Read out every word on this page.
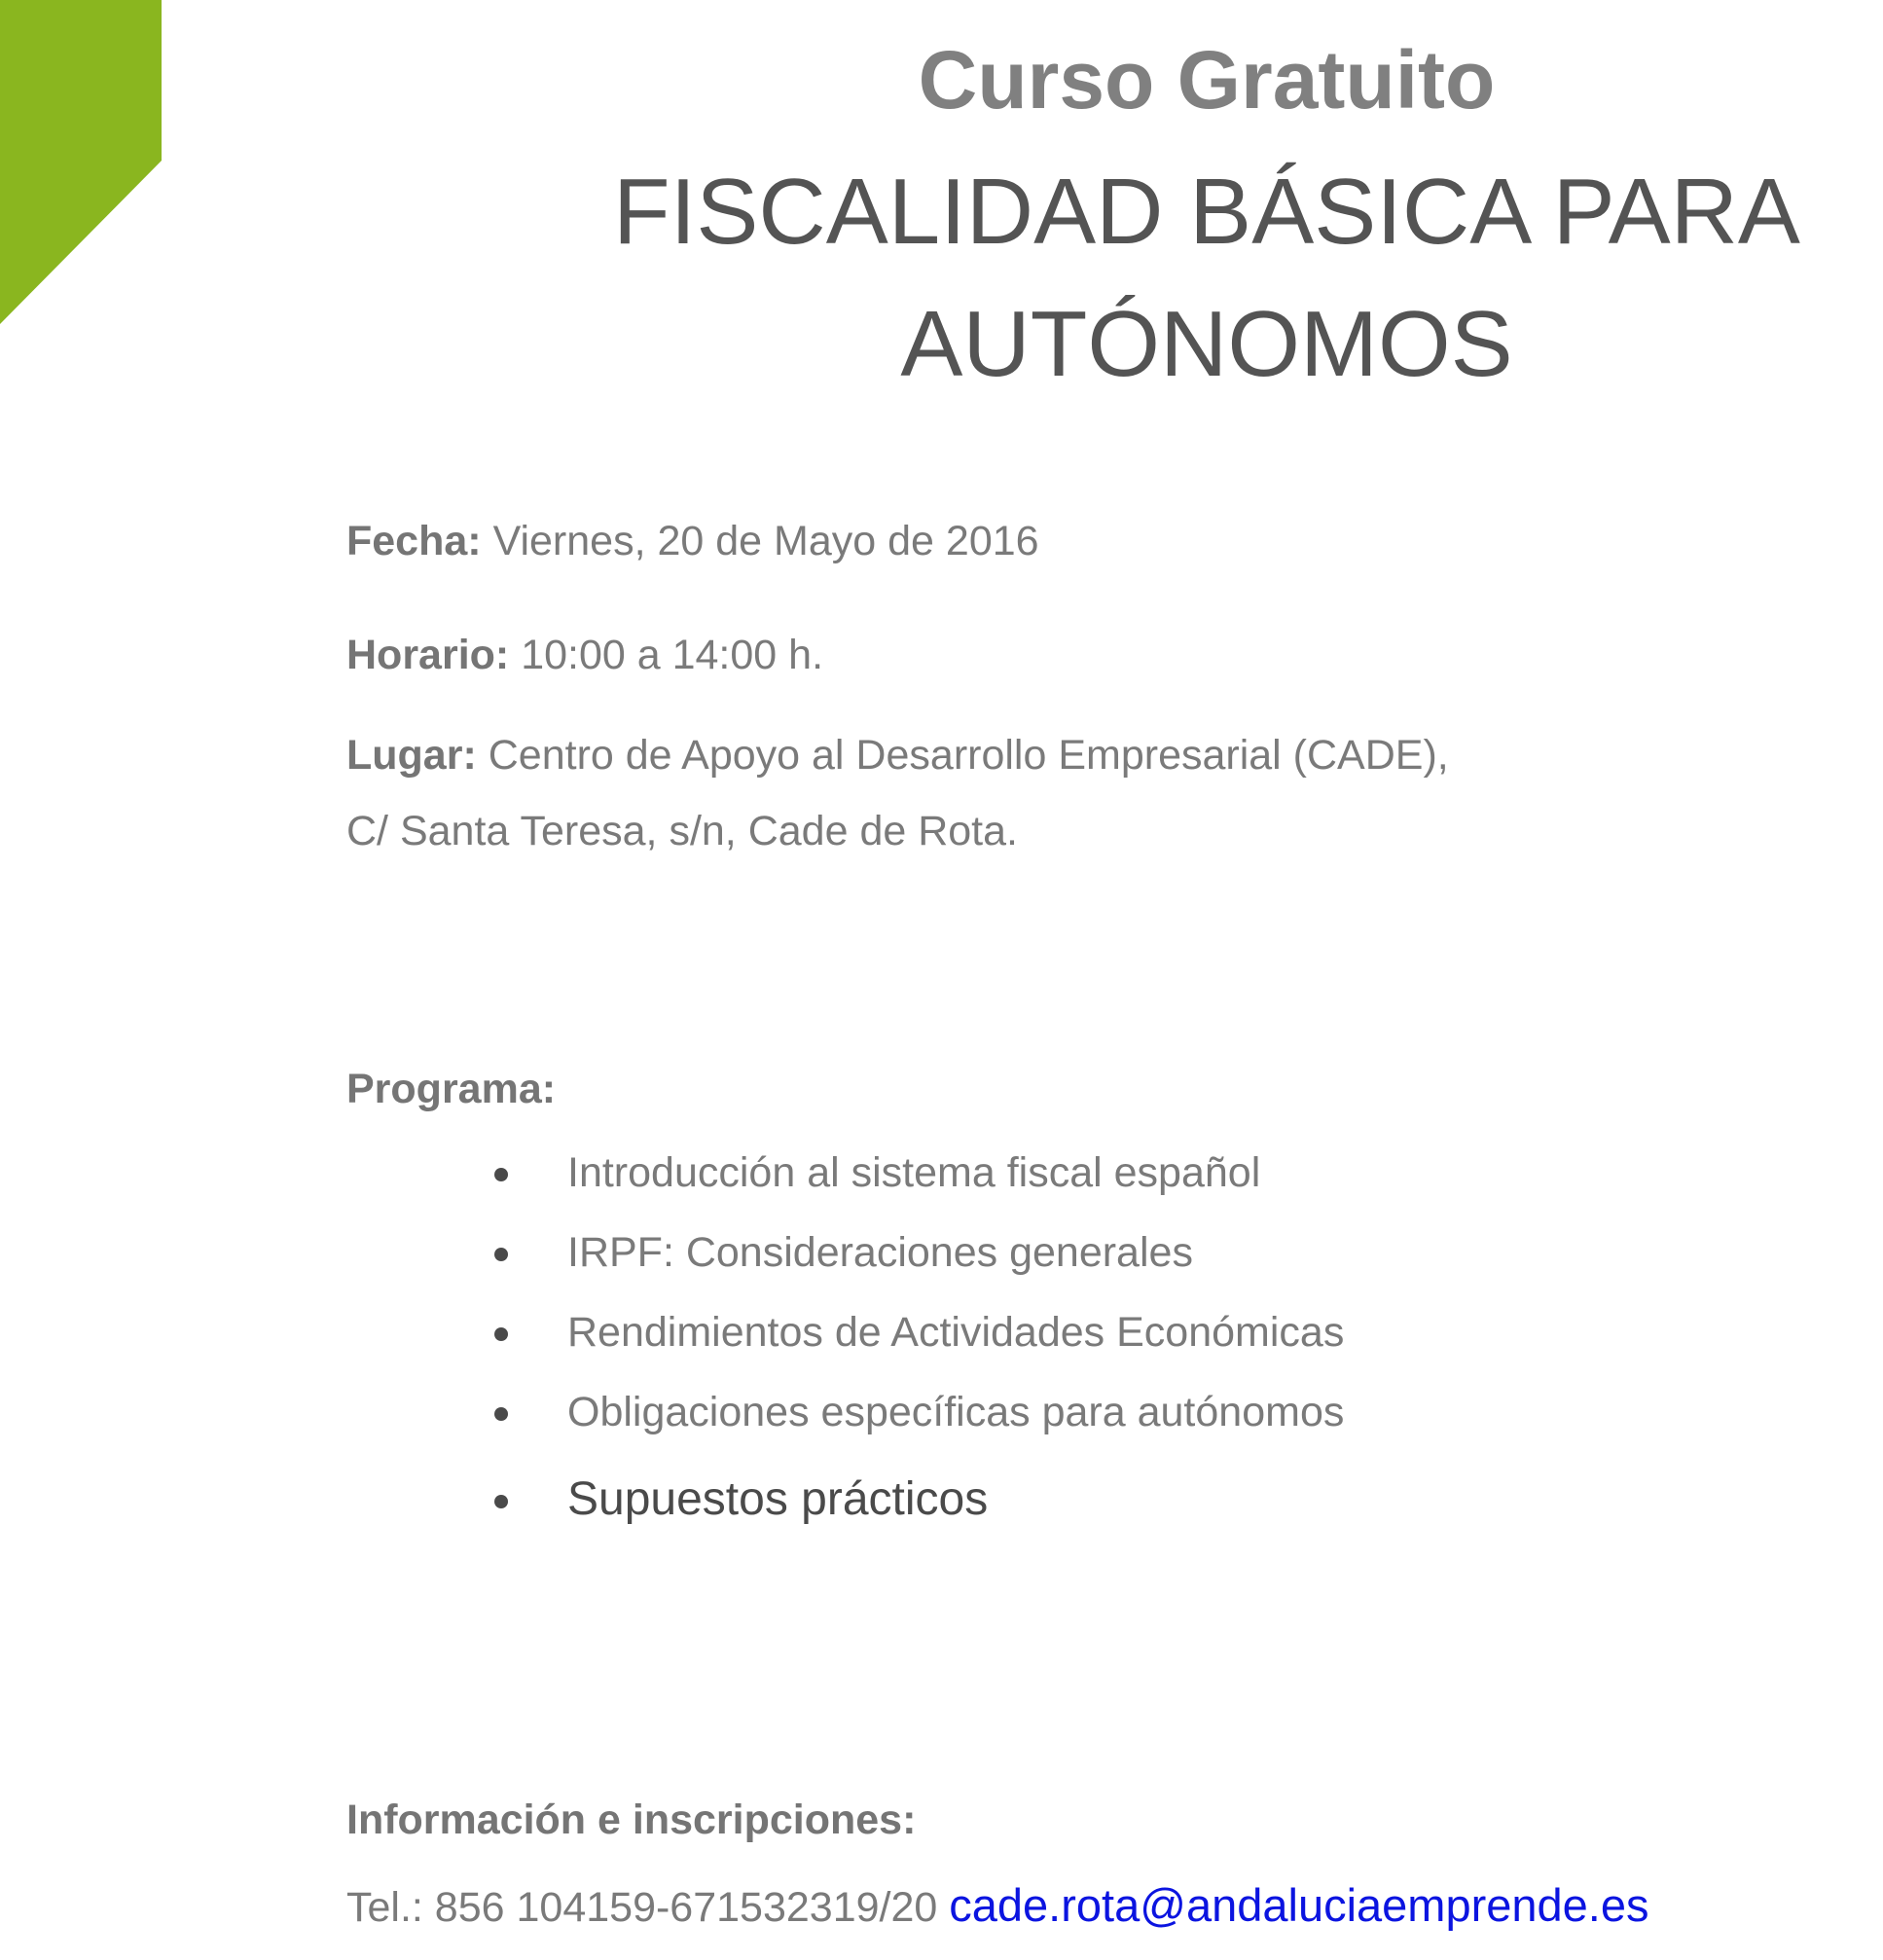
Curso Gratuito
FISCALIDAD BÁSICA PARA
AUTÓNOMOS
Fecha: Viernes, 20 de Mayo de 2016
Horario: 10:00 a 14:00 h.
Lugar: Centro de Apoyo al Desarrollo Empresarial (CADE),
C/ Santa Teresa, s/n, Cade de Rota.
Programa:
Introducción al sistema fiscal español
IRPF: Consideraciones generales
Rendimientos de Actividades Económicas
Obligaciones específicas para autónomos
Supuestos prácticos
Información e inscripciones:
Tel.: 856 104159-671532319/20 cade.rota@andaluciaemprende.es
